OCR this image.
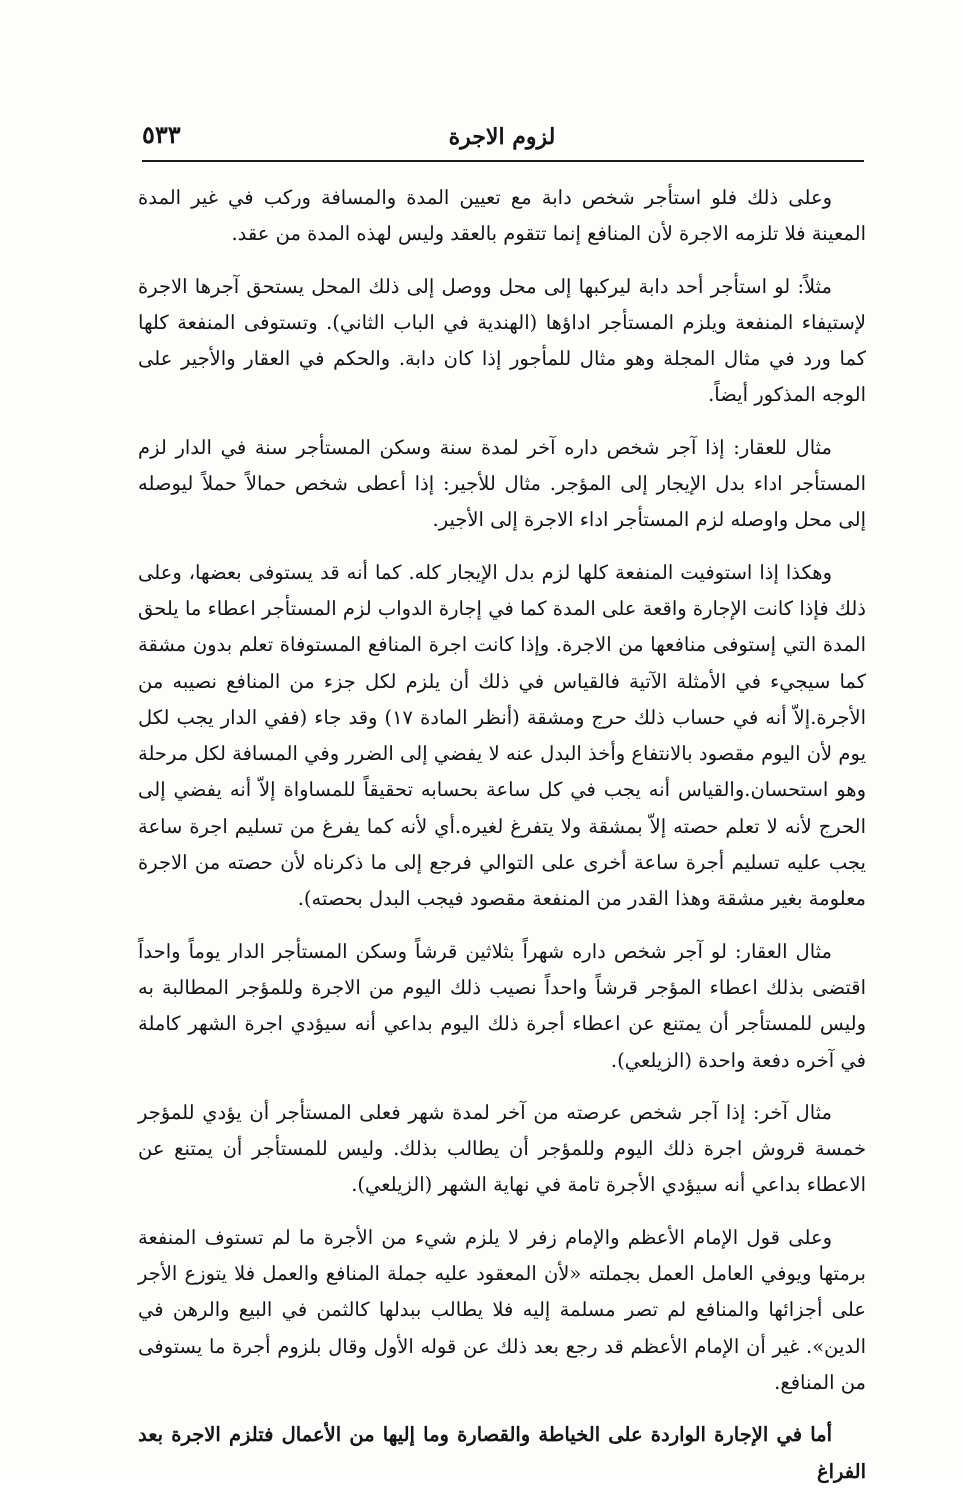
٥٣٣	لزوم الاجرة

وعلى ذلك فلو استأجر شخص دابة مع تعيين المدة والمسافة وركب في غير المدة المعينة فلا تلزمه الاجرة لأن المنافع إنما تتقوم بالعقد وليس لهذه المدة من عقد.

مثلاً: لو استأجر أحد دابة ليركبها إلى محل ووصل إلى ذلك المحل يستحق آجرها الاجرة لإستيفاء المنفعة ويلزم المستأجر اداؤها (الهندية في الباب الثاني). وتستوفى المنفعة كلها كما ورد في مثال المجلة وهو مثال للمأجور إذا كان دابة. والحكم في العقار والأجير على الوجه المذكور أيضاً.

مثال للعقار: إذا آجر شخص داره آخر لمدة سنة وسكن المستأجر سنة في الدار لزم المستأجر اداء بدل الإيجار إلى المؤجر. مثال للأجير: إذا أعطى شخص حمالاً حملاً ليوصله إلى محل واوصله لزم المستأجر اداء الاجرة إلى الأجير.

وهكذا إذا استوفيت المنفعة كلها لزم بدل الإيجار كله. كما أنه قد يستوفى بعضها، وعلى ذلك فإذا كانت الإجارة واقعة على المدة كما في إجارة الدواب لزم المستأجر اعطاء ما يلحق المدة التي إستوفى منافعها من الاجرة. وإذا كانت اجرة المنافع المستوفاة تعلم بدون مشقة كما سيجيء في الأمثلة الآتية فالقياس في ذلك أن يلزم لكل جزء من المنافع نصيبه من الأجرة.إلاّ أنه في حساب ذلك حرج ومشقة (أنظر المادة ١٧) وقد جاء (ففي الدار يجب لكل يوم لأن اليوم مقصود بالانتفاع وأخذ البدل عنه لا يفضي إلى الضرر وفي المسافة لكل مرحلة وهو استحسان.والقياس أنه يجب في كل ساعة بحسابه تحقيقاً للمساواة إلاّ أنه يفضي إلى الحرج لأنه لا تعلم حصته إلاّ بمشقة ولا يتفرغ لغيره.أي لأنه كما يفرغ من تسليم اجرة ساعة يجب عليه تسليم أجرة ساعة أخرى على التوالي فرجع إلى ما ذكرناه لأن حصته من الاجرة معلومة بغير مشقة وهذا القدر من المنفعة مقصود فيجب البدل بحصته).

مثال العقار: لو آجر شخص داره شهراً بثلاثين قرشاً وسكن المستأجر الدار يوماً واحداً اقتضى بذلك اعطاء المؤجر قرشاً واحداً نصيب ذلك اليوم من الاجرة وللمؤجر المطالبة به وليس للمستأجر أن يمتنع عن اعطاء أجرة ذلك اليوم بداعي أنه سيؤدي اجرة الشهر كاملة في آخره دفعة واحدة (الزيلعي).

مثال آخر: إذا آجر شخص عرصته من آخر لمدة شهر فعلى المستأجر أن يؤدي للمؤجر خمسة قروش اجرة ذلك اليوم وللمؤجر أن يطالب بذلك. وليس للمستأجر أن يمتنع عن الاعطاء بداعي أنه سيؤدي الأجرة تامة في نهاية الشهر (الزيلعي).

وعلى قول الإمام الأعظم والإمام زفر لا يلزم شيء من الأجرة ما لم تستوف المنفعة برمتها ويوفي العامل العمل بجملته «لأن المعقود عليه جملة المنافع والعمل فلا يتوزع الأجر على أجزائها والمنافع لم تصر مسلمة إليه فلا يطالب ببدلها كالثمن في البيع والرهن في الدين». غير أن الإمام الأعظم قد رجع بعد ذلك عن قوله الأول وقال بلزوم أجرة ما يستوفى من المنافع.

أما في الإجارة الواردة على الخياطة والقصارة وما إليها من الأعمال فتلزم الاجرة بعد الفراغ
